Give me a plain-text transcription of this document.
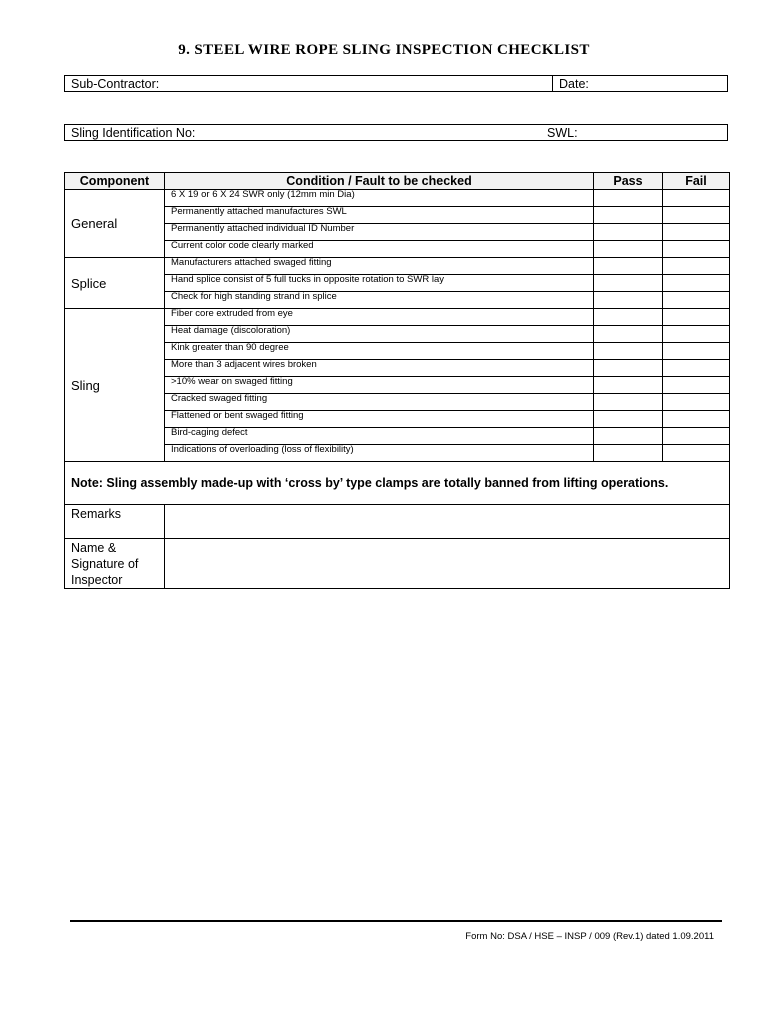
9. STEEL WIRE ROPE SLING INSPECTION CHECKLIST
Sub-Contractor:	Date:
Sling Identification No:	SWL:
Component	Condition / Fault to be checked	Pass	Fail
General	6 X 19 or 6 X 24 SWR only (12mm min Dia)		
	Permanently attached manufactures SWL		
	Permanently attached individual ID Number		
	Current color code clearly marked		
Splice	Manufacturers attached swaged fitting		
	Hand splice consist of 5 full tucks in opposite rotation to SWR lay		
	Check for high standing strand in splice		
Sling	Fiber core extruded from eye		
	Heat damage (discoloration)		
	Kink greater than 90 degree		
	More than 3 adjacent wires broken		
	>10% wear on swaged fitting		
	Cracked swaged fitting		
	Flattened or bent swaged fitting		
	Bird-caging defect		
	Indications of overloading (loss of flexibility)		
Note: Sling assembly made-up with ‘cross by’ type clamps are totally banned from lifting operations.			
Remarks			
Name & Signature of Inspector			
Form No: DSA / HSE – INSP / 009 (Rev.1) dated 1.09.2011
